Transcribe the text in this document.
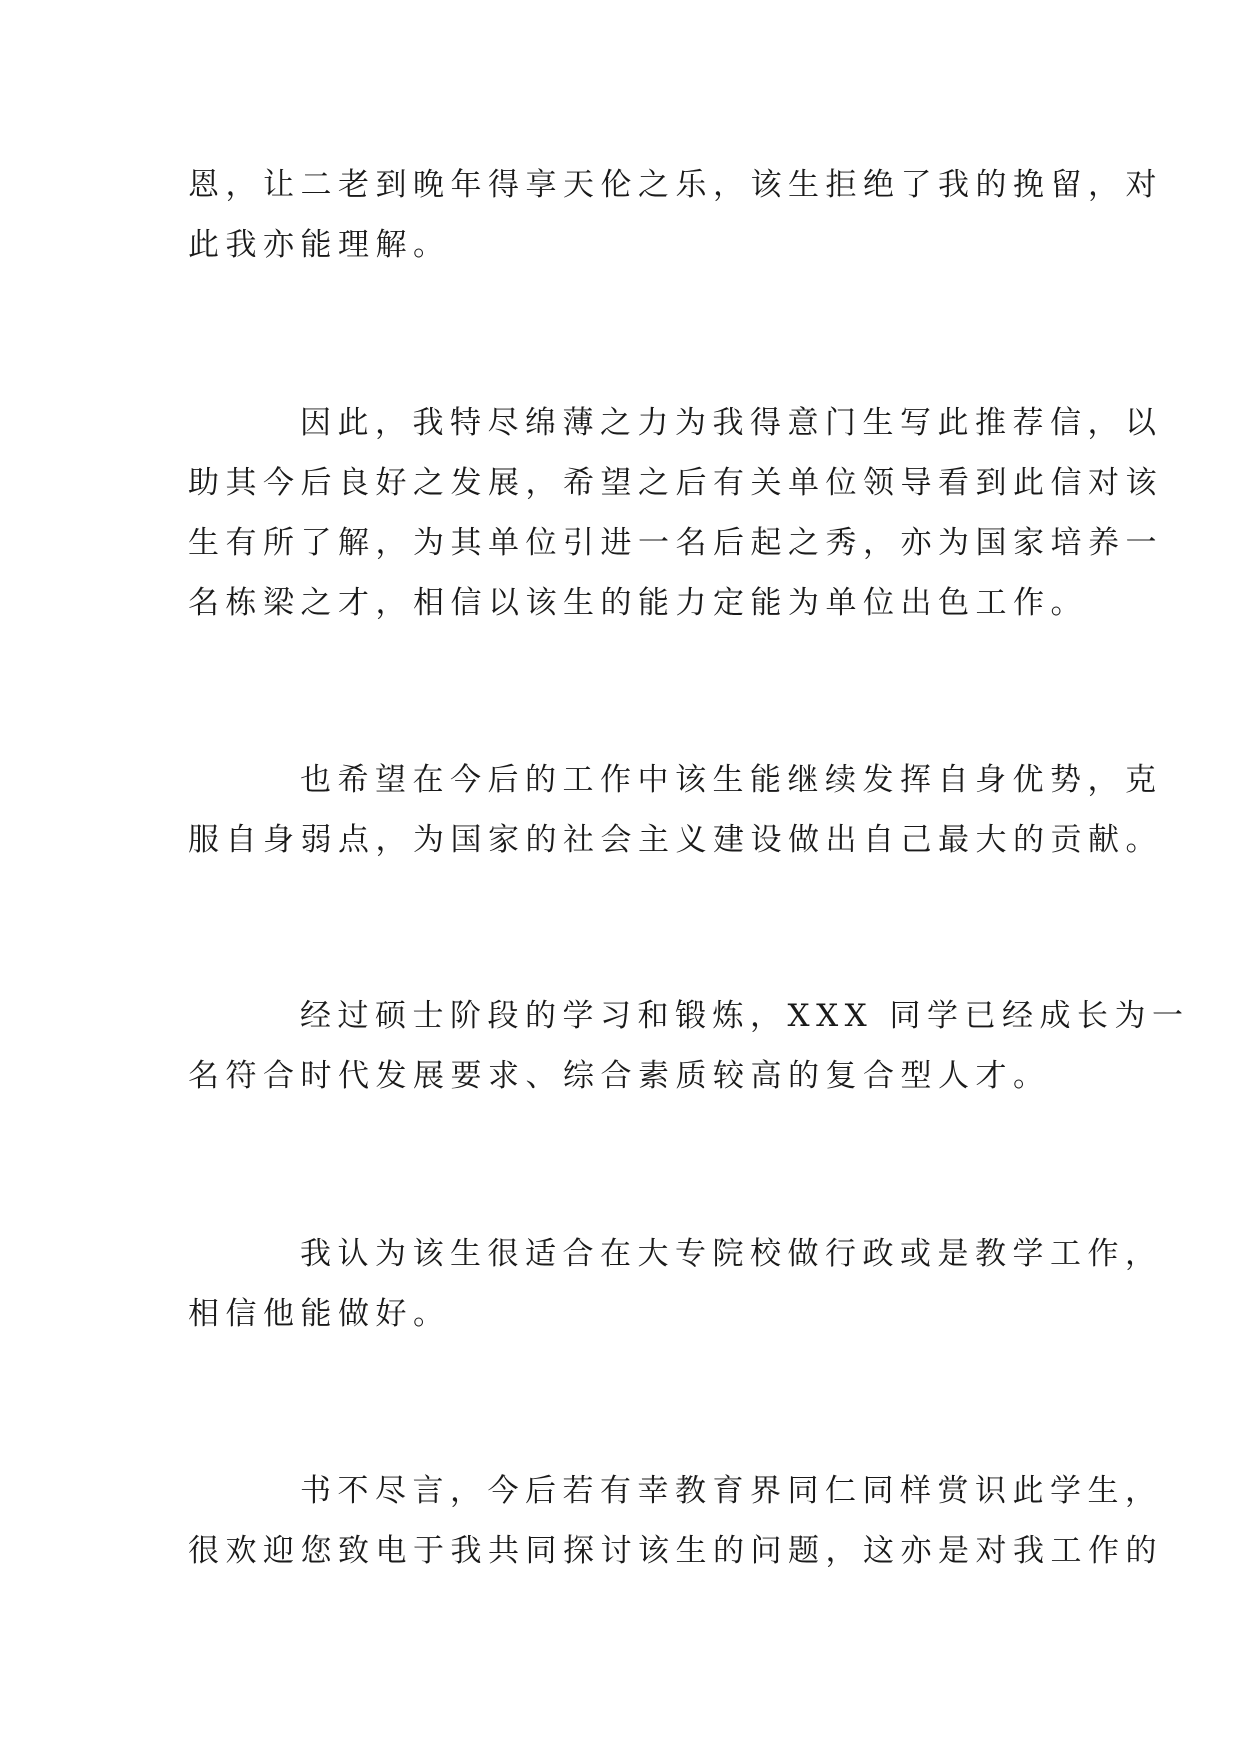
恩，让二老到晚年得享天伦之乐，该生拒绝了我的挽留，对
此我亦能理解。
因此，我特尽绵薄之力为我得意门生写此推荐信，以
助其今后良好之发展，希望之后有关单位领导看到此信对该
生有所了解，为其单位引进一名后起之秀，亦为国家培养一
名栋梁之才，相信以该生的能力定能为单位出色工作。
也希望在今后的工作中该生能继续发挥自身优势，克
服自身弱点，为国家的社会主义建设做出自己最大的贡献。
经过硕士阶段的学习和锻炼，XXX 同学已经成长为一
名符合时代发展要求、综合素质较高的复合型人才。
我认为该生很适合在大专院校做行政或是教学工作，
相信他能做好。
书不尽言，今后若有幸教育界同仁同样赏识此学生，
很欢迎您致电于我共同探讨该生的问题，这亦是对我工作的
